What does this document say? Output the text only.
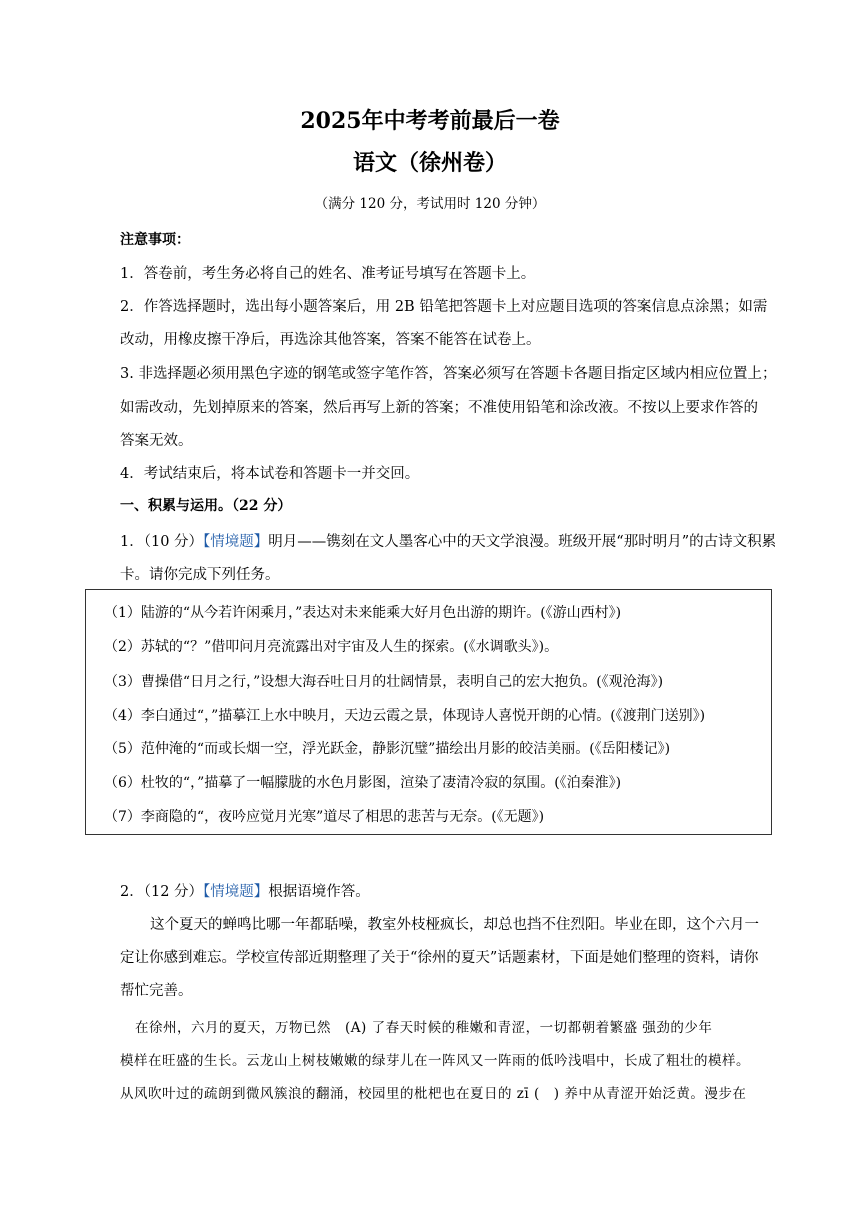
2025年中考考前最后一卷
语文（徐州卷）
（满分 120 分，考试用时 120 分钟）
注意事项：
1．答卷前，考生务必将自己的姓名、准考证号填写在答题卡上。
2．作答选择题时，选出每小题答案后，用 2B 铅笔把答题卡上对应题目选项的答案信息点涂黑；如需
改动，用橡皮擦干净后，再选涂其他答案，答案不能答在试卷上。
3. 非选择题必须用黑色字迹的钢笔或签字笔作答，答案必须写在答题卡各题目指定区域内相应位置上；
如需改动，先划掉原来的答案，然后再写上新的答案；不准使用铅笔和涂改液。不按以上要求作答的
答案无效。
4．考试结束后，将本试卷和答题卡一并交回。
一、积累与运用。（22 分）
1．（10 分）【情境题】明月——镌刻在文人墨客心中的天文学浪漫。班级开展“那时明月”的古诗文积累
卡。请你完成下列任务。
（1）陆游的“从今若许闲乘月，”表达对未来能乘大好月色出游的期许。(《游山西村》)
（2）苏轼的“？”借叩问月亮流露出对宇宙及人生的探索。(《水调歌头》)。
（3）曹操借“日月之行，”设想大海吞吐日月的壮阔情景，表明自己的宏大抱负。(《观沧海》)
（4）李白通过“，”描摹江上水中映月，天边云霞之景，体现诗人喜悦开朗的心情。(《渡荆门送别》)
（5）范仲淹的“而或长烟一空，浮光跃金，静影沉璧”描绘出月影的皎洁美丽。(《岳阳楼记》)
（6）杜牧的“，”描摹了一幅朦胧的水色月影图，渲染了凄清冷寂的氛围。(《泊秦淮》)
（7）李商隐的“，夜吟应觉月光寒”道尽了相思的悲苦与无奈。(《无题》)
2．（12 分）【情境题】根据语境作答。
这个夏天的蝉鸣比哪一年都聒噪，教室外枝桠疯长，却总也挡不住烈阳。毕业在即，这个六月一
定让你感到难忘。学校宣传部近期整理了关于“徐州的夏天”话题素材，下面是她们整理的资料，请你
帮忙完善。
在徐州，六月的夏天，万物已然　(A) 了春天时候的稚嫩和青涩，一切都朝着繁盛 强劲的少年
模样在旺盛的生长。云龙山上树枝嫩嫩的绿芽儿在一阵风又一阵雨的低吟浅唱中，长成了粗壮的模样。
从风吹叶过的疏朗到微风簇浪的翻涌，校园里的枇杷也在夏日的 zī (　) 养中从青涩开始泛黄。漫步在
